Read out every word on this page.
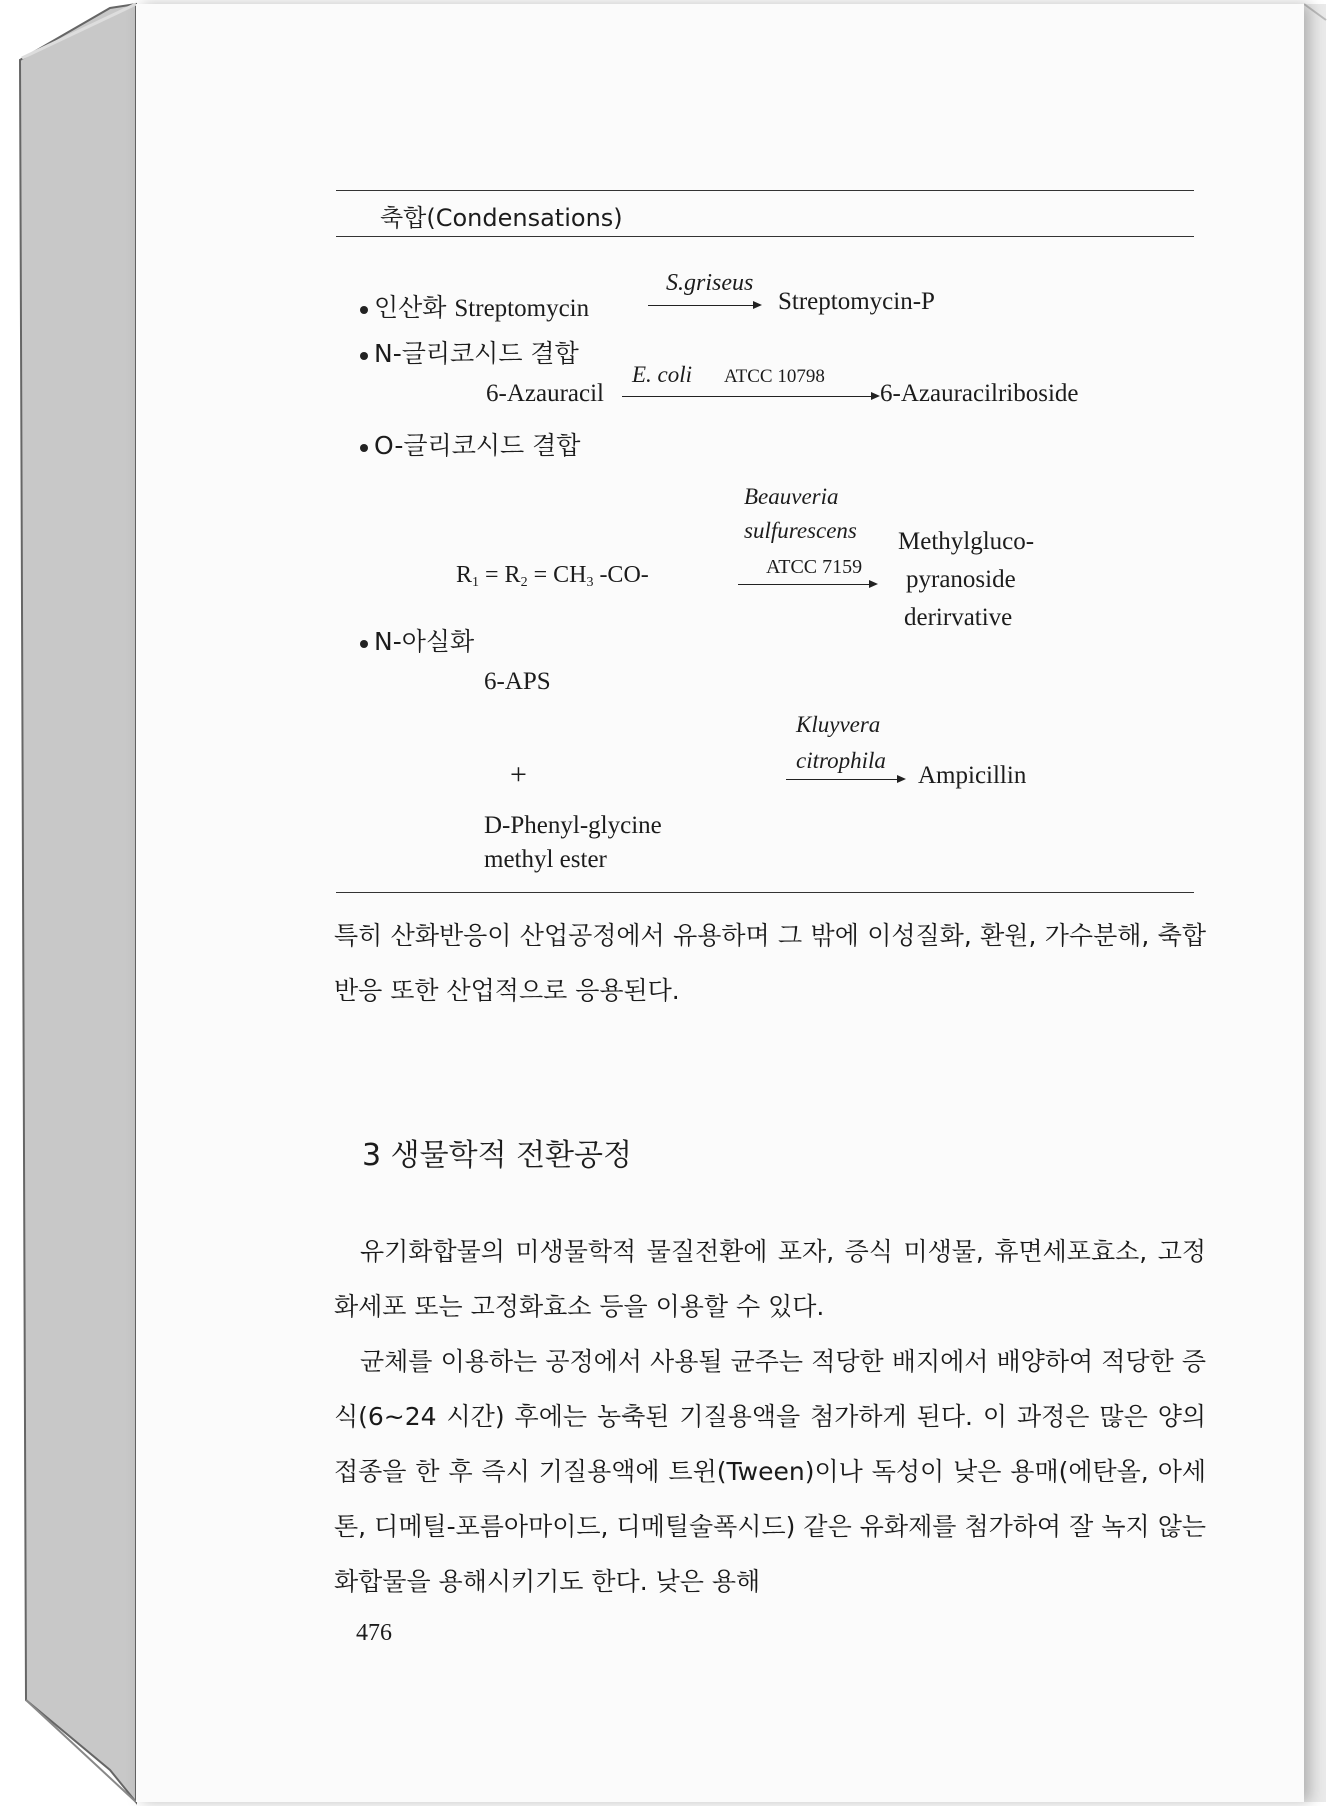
축합(Condensations)
인산화 Streptomycin
S.griseus
Streptomycin-P
N-글리코시드 결합
6-Azauracil
E. coli ATCC 10798
6-Azauracilriboside
O-글리코시드 결합
Beauveria
sulfurescens
ATCC 7159
$R_1 = R_2 = CH_3$ -CO-
Methylgluco-
pyranoside
derirvative
N-아실화
6-APS
+
D-Phenyl-glycine
methyl ester
Kluyvera
citrophila
Ampicillin
특히 산화반응이 산업공정에서 유용하며 그 밖에 이성질화, 환원, 가수분해, 축합반응 또한 산업적으로 응용된다.
3 생물학적 전환공정
유기화합물의 미생물학적 물질전환에 포자, 증식 미생물, 휴면세포효소, 고정화세포 또는 고정화효소 등을 이용할 수 있다.
균체를 이용하는 공정에서 사용될 균주는 적당한 배지에서 배양하여 적당한 증식(6~24 시간) 후에는 농축된 기질용액을 첨가하게 된다. 이 과정은 많은 양의 접종을 한 후 즉시 기질용액에 트윈(Tween)이나 독성이 낮은 용매(에탄올, 아세톤, 디메틸-포름아마이드, 디메틸술폭시드) 같은 유화제를 첨가하여 잘 녹지 않는 화합물을 용해시키기도 한다. 낮은 용해
476
